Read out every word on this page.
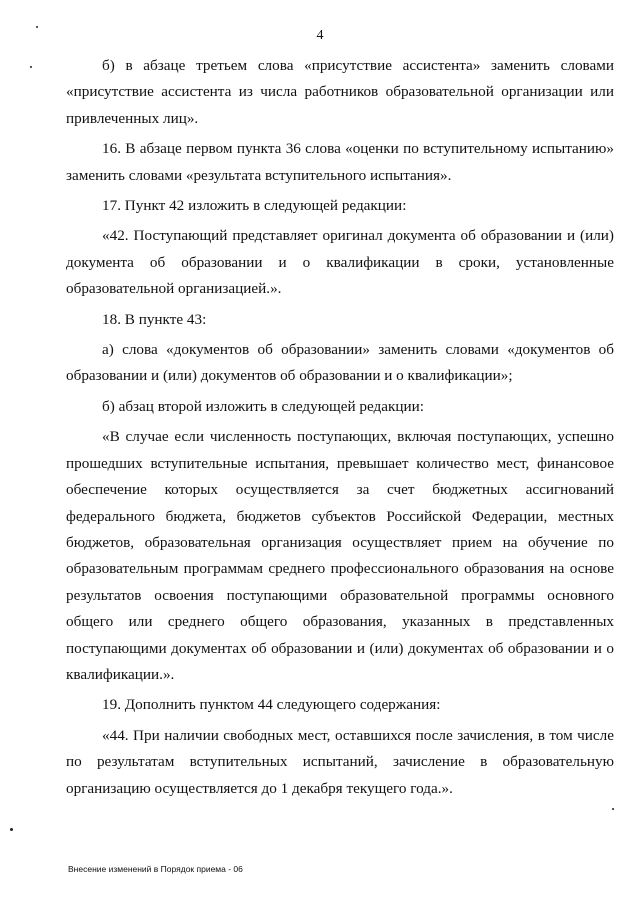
4

б) в абзаце третьем слова «присутствие ассистента» заменить словами «присутствие ассистента из числа работников образовательной организации или привлеченных лиц».

16. В абзаце первом пункта 36 слова «оценки по вступительному испытанию» заменить словами «результата вступительного испытания».

17. Пункт 42 изложить в следующей редакции:

«42. Поступающий представляет оригинал документа об образовании и (или) документа об образовании и о квалификации в сроки, установленные образовательной организацией.».

18. В пункте 43:

а) слова «документов об образовании» заменить словами «документов об образовании и (или) документов об образовании и о квалификации»;

б) абзац второй изложить в следующей редакции:

«В случае если численность поступающих, включая поступающих, успешно прошедших вступительные испытания, превышает количество мест, финансовое обеспечение которых осуществляется за счет бюджетных ассигнований федерального бюджета, бюджетов субъектов Российской Федерации, местных бюджетов, образовательная организация осуществляет прием на обучение по образовательным программам среднего профессионального образования на основе результатов освоения поступающими образовательной программы основного общего или среднего общего образования, указанных в представленных поступающими документах об образовании и (или) документах об образовании и о квалификации.».

19. Дополнить пунктом 44 следующего содержания:

«44. При наличии свободных мест, оставшихся после зачисления, в том числе по результатам вступительных испытаний, зачисление в образовательную организацию осуществляется до 1 декабря текущего года.».

Внесение изменений в Порядок приема - 06
